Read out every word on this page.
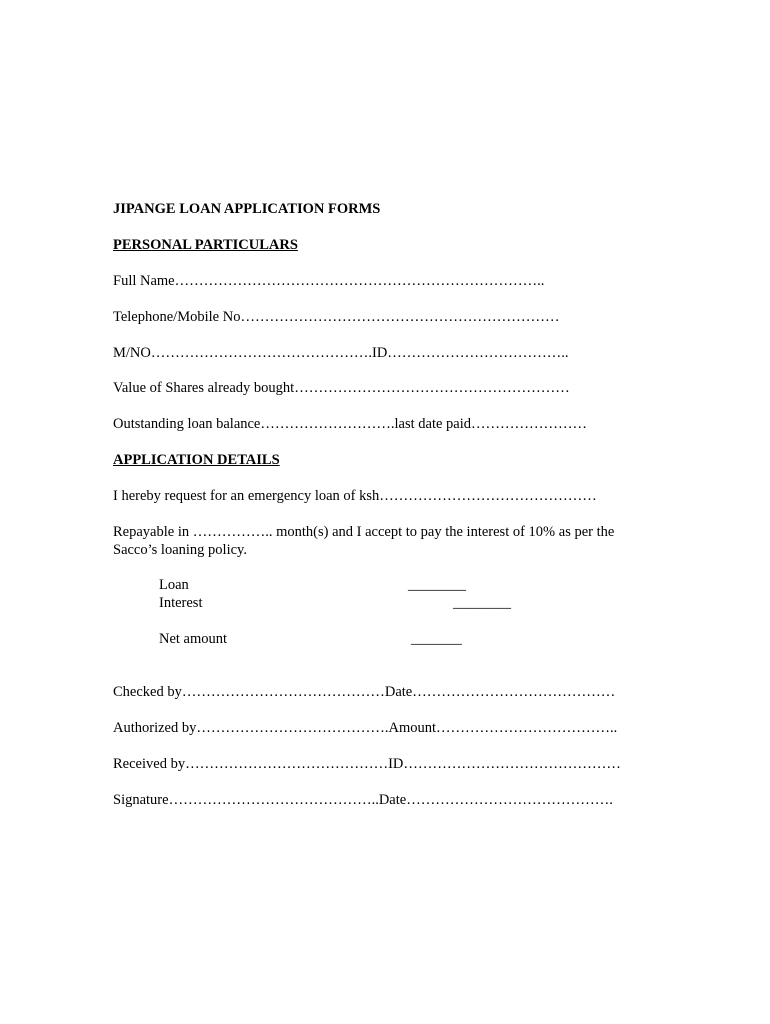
JIPANGE LOAN APPLICATION FORMS
PERSONAL PARTICULARS
Full Name…………………………………………………………………..
Telephone/Mobile No…………………………………………………………
M/NO……………………………………….ID………………………………..
Value of Shares already bought…………………………………………………
Outstanding loan balance……………………….last date paid……………………
APPLICATION DETAILS
I hereby request for an emergency loan of ksh………………………………………
Repayable in …………….. month(s) and I accept to pay the interest of 10% as per the
Sacco’s loaning policy.
Loan	________
Interest	________
Net amount	_______
Checked by……………………………………Date……………………………………
Authorized by………………………………….Amount………………………………..
Received by……………………………………ID………………………………………
Signature……………………………………..Date…………………………………….
